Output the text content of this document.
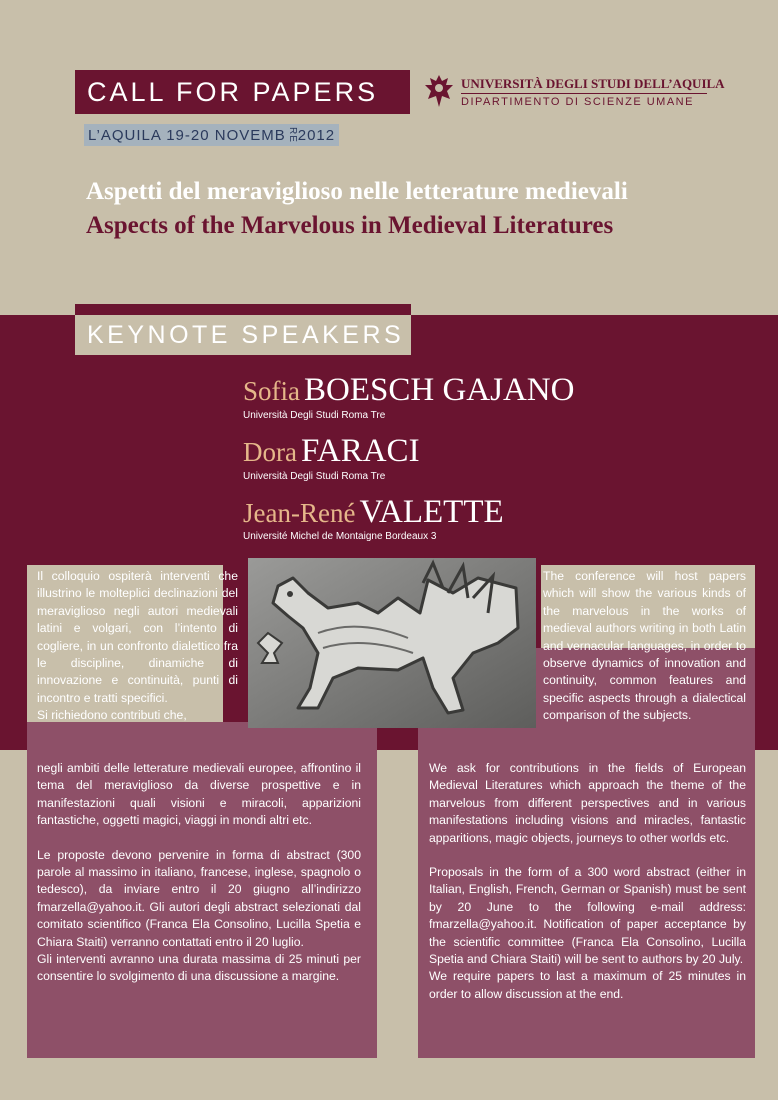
CALL FOR PAPERS
L’AQUILA 19-20 NOVEMB RE 2012
UNIVERSITÀ DEGLI STUDI DELL’AQUILA
DIPARTIMENTO DI SCIENZE UMANE
Aspetti del meraviglioso nelle letterature medievali
Aspects of the Marvelous in Medieval Literatures
KEYNOTE SPEAKERS
Sofia BOESCH GAJANO
Università Degli Studi Roma Tre
Dora FARACI
Università Degli Studi Roma Tre
Jean-René VALETTE
Université Michel de Montaigne Bordeaux 3

Il colloquio ospiterà interventi che illustrino le molteplici declinazioni del meraviglioso negli autori medievali latini e volgari, con l’intento di cogliere, in un confronto dialettico fra le discipline, dinamiche di innovazione e continuità, punti di incontro e tratti specifici.

Si richiedono contributi che,

negli ambiti delle letterature medievali europee, affrontino il tema del meraviglioso da diverse prospettive e in manifestazioni quali visioni e miracoli, apparizioni fantastiche, oggetti magici, viaggi in mondi altri etc.

Le proposte devono pervenire in forma di abstract (300 parole al massimo in italiano, francese, inglese, spagnolo o tedesco), da inviare entro il 20 giugno all’indirizzo fmarzella@yahoo.it. Gli autori degli abstract selezionati dal comitato scientifico (Franca Ela Consolino, Lucilla Spetia e Chiara Staiti) verranno contattati entro il 20 luglio.

Gli interventi avranno una durata massima di 25 minuti per consentire lo svolgimento di una discussione a margine.

The conference will host papers which will show the various kinds of the marvelous in the works of medieval authors writing in both Latin and vernacular languages, in order to observe dynamics of innovation and continuity, common features and specific aspects through a dialectical comparison of the subjects.

We ask for contributions in the fields of European Medieval Literatures which approach the theme of the marvelous from different perspectives and in various manifestations including visions and miracles, fantastic apparitions, magic objects, journeys to other worlds etc.

Proposals in the form of a 300 word abstract (either in Italian, English, French, German or Spanish) must be sent by 20 June to the following e-mail address: fmarzella@yahoo.it. Notification of paper acceptance by the scientific committee (Franca Ela Consolino, Lucilla Spetia and Chiara Staiti) will be sent to authors by 20 July.

We require papers to last a maximum of 25 minutes in order to allow discussion at the end.
